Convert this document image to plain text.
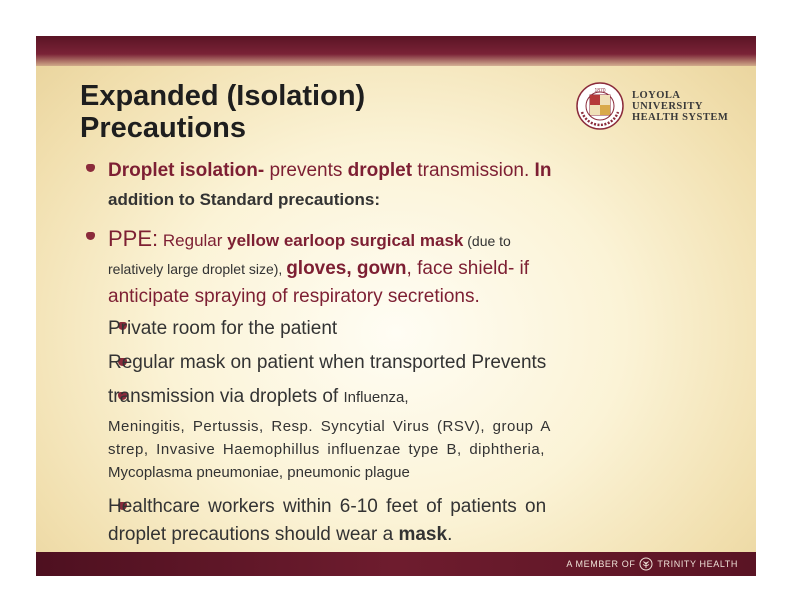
Expanded (Isolation)
Precautions
1870	LOYOLA
UNIVERSITY
HEALTH SYSTEM

Droplet isolation- prevents droplet transmission. In

addition to Standard precautions:

PPE: Regular yellow earloop surgical mask (due to

relatively large droplet size), gloves, gown, face shield- if

anticipate spraying of respiratory secretions.

Private room for the patient

Regular mask on patient when transported Prevents

transmission via droplets of Influenza,

Meningitis, Pertussis, Resp. Syncytial Virus (RSV), group A

strep, Invasive Haemophillus influenzae type B, diphtheria,

Mycoplasma pneumoniae, pneumonic plague

Healthcare workers within 6-10 feet of patients on

droplet precautions should wear a mask.

A MEMBER OF TRINITY HEALTH
